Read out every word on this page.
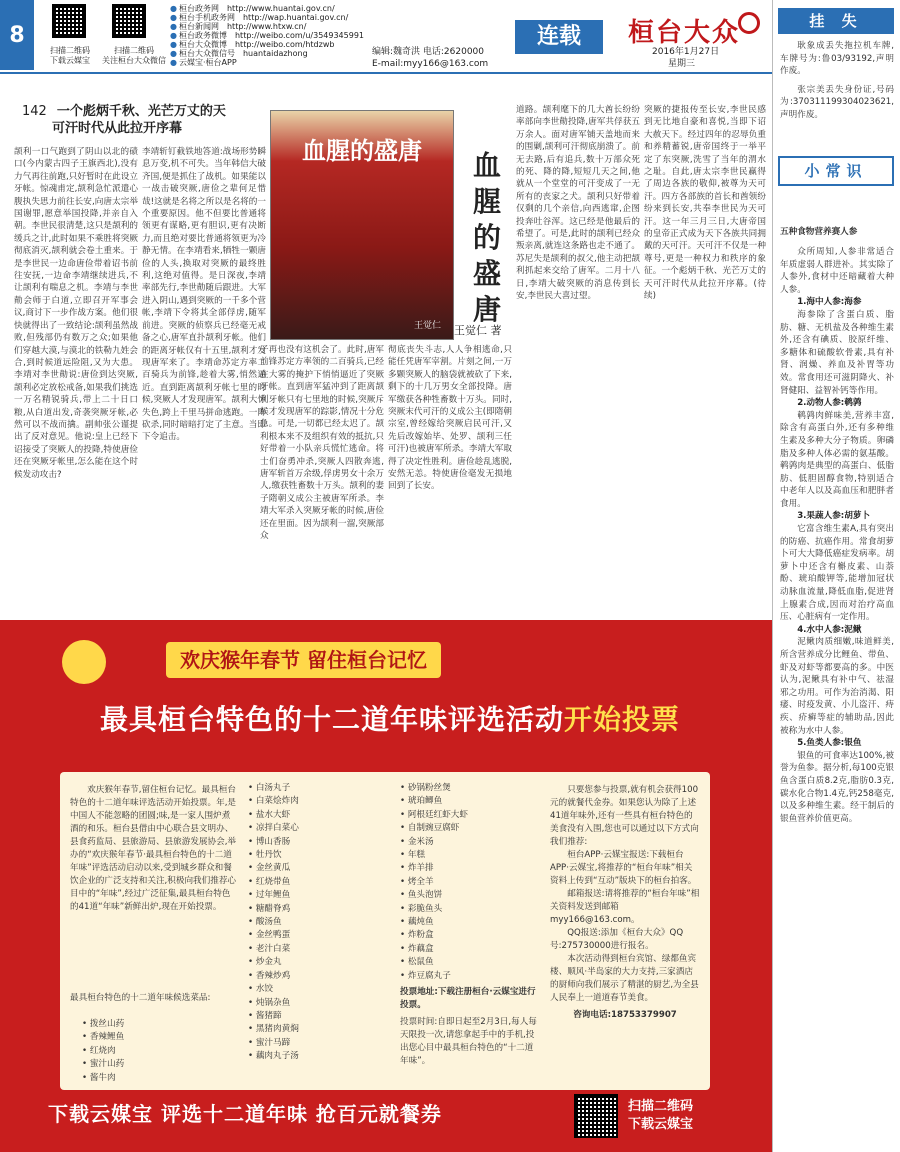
8
扫描二维码
下载云媒宝
扫描二维码
关注桓台大众微信
● 桓台政务网 http://www.huantai.gov.cn/
● 桓台手机政务网 http://wap.huantai.gov.cn/
● 桓台新闻网 http://www.htxw.cn/
● 桓台政务微博 http://weibo.com/u/3549345991
● 桓台大众微博 http://weibo.com/htdzwb
● 桓台大众微信号 huantaidazhong
● 云媒宝·桓台APP
连载	桓台大众
编辑:魏奇洪 电话:2620000
E-mail:myy166@163.com
2016年1月27日
星期三
142 一个彪炳千秋、光芒万丈的天
可汗时代从此拉开序幕
血腥的盛唐
王觉仁
血
腥
的
盛
唐
王觉仁 著
颉利一口气跑到了阴山以北的碛口(今内蒙古四子王旗西北),没有力气再往前跑,只好暂时在此设立牙帐。惊魂甫定,颉利急忙派遣心腹执失思力前往长安,向唐太宗举国谢罪,愿意举国投降,并亲自入朝。李世民很清楚,这只是颉利的缓兵之计,此时如果不乘胜将突厥彻底消灭,颉利就会卷土重来。于是李世民一边命唐俭带着诏书前往安抚,一边命李靖继续进兵,不让颉利有喘息之机。李靖与李世勣会师于白道,立即召开军事会议,商讨下一步作战方案。他们很快就得出了一致结论:颉利虽然战败,但残部仍有数万之众;如果他们穿越大漠,与漠北的铁勒九姓会合,到时候道远险阻,又为大患。李靖对李世勣说:唐俭到达突厥,颉利必定放松戒备,如果我们挑选一万名精锐骑兵,带上二十日口粮,从白道出发,奇袭突厥牙帐,必然可以不战而擒。副帅张公谨提出了反对意见。他说:皇上已经下诏接受了突厥人的投降,特使唐俭还在突厥牙帐里,怎么能在这个时候发动攻击?
李靖斩钉截铁地答道:战场形势瞬息万变,机不可失。当年韩信大破齐国,便是抓住了战机。如果能以一战击破突厥,唐俭之辈何足惜哉!这就是名将之所以是名将的一个重要原因。他不但要比普通将领更有谋略,更有胆识,更有决断力,而且绝对要比普通将领更为冷静无情。在李靖看来,牺牲一颗唐俭的人头,换取对突厥的最终胜利,这绝对值得。是日深夜,李靖率部先行,李世勣随后跟进。大军进入阴山,遇到突厥的一千多个营帐,李靖下令将其全部俘虏,随军前进。突厥的侦察兵已经毫无戒备之心,唐军直扑颉利牙帐。他们的距离牙帐仅有十五里,颉利才发现唐军来了。李靖命苏定方率二百骑兵为前锋,趁着大雾,悄然逼近。直到距离颉利牙帐七里的时候,突厥人才发现唐军。颉利大惊失色,跨上千里马拼命逃跑。一阵砍杀,同时暗暗打定了主意。当即下令追击。
子再也没有这机会了。此时,唐军前锋苏定方率领的二百骑兵,已经在大雾的掩护下悄悄逼近了突厥牙帐。直到唐军猛冲到了距离颉利牙帐只有七里地的时候,突厥斥候才发现唐军的踪影,情况十分危急。可是,一切都已经太迟了。颉利根本来不及组织有效的抵抗,只好带着一小队亲兵慌忙逃命。将士们奋勇冲杀,突厥人四散奔逃,唐军斩首万余级,俘虏男女十余万人,缴获牲畜数十万头。颉利的妻子隋朝义成公主被唐军所杀。李靖大军杀入突厥牙帐的时候,唐俭还在里面。因为颉利一溜,突厥部众
彻底丧失斗志,人人争相逃命,只能任凭唐军宰割。片刻之间,一万多颗突厥人的脑袋就被砍了下来,剩下的十几万男女全部投降。唐军缴获各种牲畜数十万头。同时,突厥末代可汗的义成公主(即隋朝宗室,曾经嫁给突厥启民可汗,又先后改嫁始毕、处罗、颉利三任可汗)也被唐军所杀。李靖大军取得了决定性胜利。唐俭趁乱逃脱,安然无恙。特使唐俭毫发无损地回到了长安。
道路。颉利麾下的几大酋长纷纷率部向李世勣投降,唐军共俘获五万余人。面对唐军铺天盖地而来的围剿,颉利可汗彻底崩溃了。前无去路,后有追兵,数十万部众死的死、降的降,短短几天之间,他就从一个堂堂的可汗变成了一无所有的丧家之犬。颉利只好带着仅剩的几个亲信,向西逃窜,企图投奔吐谷浑。这已经是他最后的希望了。可是,此时的颉利已经众叛亲离,就连这条路也走不通了。苏尼失是颉利的叔父,他主动把颉利抓起来交给了唐军。二月十八日,李靖大破突厥的消息传到长安,李世民大喜过望。
突厥的捷报传至长安,李世民感到无比地自豪和喜悦,当即下诏大赦天下。经过四年的忍辱负重和养精蓄锐,唐帝国终于一举平定了东突厥,洗雪了当年的渭水之耻。自此,唐太宗李世民赢得了周边各族的敬仰,被尊为天可汗。四方各部族的首长和酋领纷纷来到长安,共奉李世民为天可汗。这一年三月三日,大唐帝国的皇帝正式成为天下各族共同拥戴的天可汗。天可汗不仅是一种尊号,更是一种权力和秩序的象征。一个彪炳千秋、光芒万丈的天可汗时代从此拉开序幕。(待续)
挂 失

耿象成丢失拖拉机车牌,车牌号为:鲁03/93192,声明作废。

张宗美丢失身份证,号码为:370311199304023621,声明作废。

小常识
五种食物营养赛人参

众所周知,人参非常适合年质虚弱人群进补。其实除了人参外,食材中还暗藏着大种人参。

1.海中人参:海参

海参除了含蛋白质、脂肪、糖、无机盐及各种维生素外,还含有碘质、胶原纤维、多糖体和硫酸软骨素,具有补肾、润燥、养血及补胃等功效。常食用还可滋阴降火、补肾健阳、益智补钙等作用。

2.动物人参:鹌鹑

鹌鹑肉鲜味美,营养丰富,除含有高蛋白外,还有多种维生素及多种大分子物质。卵磷脂及多种人体必需的氨基酸。鹌鹑肉是典型的高蛋白、低脂肪、低胆固醇食物,特别适合中老年人以及高血压和肥胖者食用。

3.果蔬人参:胡萝卜

它富含维生素A,具有突出的防癌、抗癌作用。常食胡萝卜可大大降低癌症发病率。胡萝卜中还含有槲皮素、山萘酚、琥珀酸钾等,能增加冠状动脉血流量,降低血脂,促进肾上腺素合成,因而对治疗高血压、心脏病有一定作用。

4.水中人参:泥鳅

泥鳅肉质细嫩,味道鲜美,所含营养成分比鲤鱼、带鱼、虾及对虾等都要高的多。中医认为,泥鳅具有补中气、祛湿邪之功用。可作为治消渴、阳痿、时疫发黄、小儿盗汗、痔疾、疥癣等症的辅助品,因此被称为水中人参。

5.鱼类人参:银鱼

银鱼的可食率达100%,被誉为鱼参。据分析,每100克银鱼含蛋白质8.2克,脂肪0.3克,碳水化合物1.4克,钙258毫克,以及多种维生素。经干制后的银鱼营养价值更高。

欢庆猴年春节 留住桓台记忆
最具桓台特色的十二道年味评选活动开始投票

欢庆猴年春节,留住桓台记忆。最具桓台特色的十二道年味评选活动开始投票。年,是中国人不能忽略的团圆;味,是一家人围炉煮酒的和乐。桓台县借由中心联合县文明办、县食药监局、县旅游局、县旅游发展协会,举办的“欢庆猴年春节·最具桓台特色的十二道年味”评选活动启动以来,受到城乡群众和餐饮企业的广泛支持和关注,积极向我们推荐心目中的“年味”,经过广泛征集,最具桓台特色的41道“年味”新鲜出炉,现在开始投票。

最具桓台特色的十二道年味候选菜品:

• 拨丝山药
• 香辣鲤鱼
• 红烧肉
• 蜜汁山药
• 酱牛肉
• 白汤丸子
• 白菜烩炸肉
• 盐水大虾
• 凉拌白菜心
• 博山香肠
• 牡丹饮
• 金丝黄瓜
• 红烧带鱼
• 过年鲤鱼
• 糖醋脊鸡
• 酸汤鱼
• 金丝鸭蛋
• 老汁白菜
• 炒金丸
• 香辣炒鸡
• 水饺
• 炖锅杂鱼
• 酱猪蹄
• 黑猪肉黄焖
• 蜜汁马蹄
• 藕肉丸子汤
• 砂锅粉丝煲
• 琥珀鲫鱼
• 阿根廷红虾大虾
• 自制豌豆腐虾
• 金米汤
• 年糕
• 炸羊排
• 烤全羊
• 鱼头泡饼
• 彩脆鱼头
• 藕炖鱼
• 炸粉盒
• 炸藕盒
• 松鼠鱼
• 炸豆腐丸子

投票地址:下载注册桓台·云媒宝进行投票。

投票时间:自即日起至2月3日,每人每天限投一次,请您拿起手中的手机,投出您心目中最具桓台特色的“十二道年味”。

只要您参与投票,就有机会获得100元的就餐代金券。如果您认为除了上述41道年味外,还有一些具有桓台特色的美食没有入围,您也可以通过以下方式向我们推荐:

桓台APP·云媒宝报送:下载桓台APP·云媒宝,将推荐的“桓台年味”相关资料上传到“互动”版块下的桓台拍客。

邮箱报送:请将推荐的“桓台年味”相关资料发送到邮箱myy166@163.com。

QQ报送:添加《桓台大众》QQ号:275730000进行报名。

本次活动得到桓台宾馆、绿都鱼宾楼、顺风·半岛家的大力支持,三家酒店的厨师向我们展示了精湛的厨艺,为全县人民奉上一道道春节美食。

咨询电话:18753379907

下载云媒宝 评选十二道年味 抢百元就餐券	扫描二维码
下载云媒宝
